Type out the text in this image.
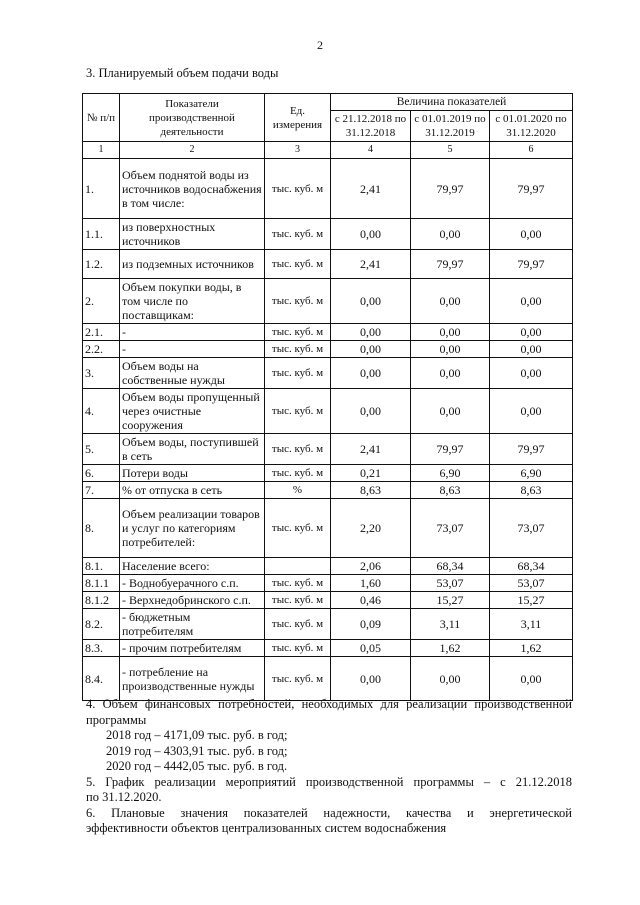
2
3. Планируемый объем подачи воды
№ п/п	Показатели производственной деятельности	Ед. измерения	Величина показателей		
			с 21.12.2018 по 31.12.2018	с 01.01.2019 по 31.12.2019	с 01.01.2020 по 31.12.2020
1	2	3	4	5	6
1.	Объем поднятой воды из источников водоснабжения в том числе:	тыс. куб. м	2,41	79,97	79,97
1.1.	из поверхностных источников	тыс. куб. м	0,00	0,00	0,00
1.2.	из подземных источников	тыс. куб. м	2,41	79,97	79,97
2.	Объем покупки воды, в том числе по поставщикам:	тыс. куб. м	0,00	0,00	0,00
2.1.	-	тыс. куб. м	0,00	0,00	0,00
2.2.	-	тыс. куб. м	0,00	0,00	0,00
3.	Объем воды на собственные нужды	тыс. куб. м	0,00	0,00	0,00
4.	Объем воды пропущенный через очистные сооружения	тыс. куб. м	0,00	0,00	0,00
5.	Объем воды, поступившей в сеть	тыс. куб. м	2,41	79,97	79,97
6.	Потери воды	тыс. куб. м	0,21	6,90	6,90
7.	% от отпуска в сеть	%	8,63	8,63	8,63
8.	Объем реализации товаров и услуг по категориям потребителей:	тыс. куб. м	2,20	73,07	73,07
8.1.	Население всего:		2,06	68,34	68,34
8.1.1	- Воднобуерачного с.п.	тыс. куб. м	1,60	53,07	53,07
8.1.2	- Верхнедобринского с.п.	тыс. куб. м	0,46	15,27	15,27
8.2.	- бюджетным потребителям	тыс. куб. м	0,09	3,11	3,11
8.3.	- прочим потребителям	тыс. куб. м	0,05	1,62	1,62
8.4.	- потребление на производственные нужды	тыс. куб. м	0,00	0,00	0,00

4. Объем финансовых потребностей, необходимых для реализации производственной

программы

2018 год – 4171,09 тыс. руб. в год;

2019 год – 4303,91 тыс. руб. в год;

2020 год – 4442,05 тыс. руб. в год.

5. График реализации мероприятий производственной программы – с 21.12.2018

по 31.12.2020.

6. Плановые значения показателей надежности, качества и энергетической

эффективности объектов централизованных систем водоснабжения
